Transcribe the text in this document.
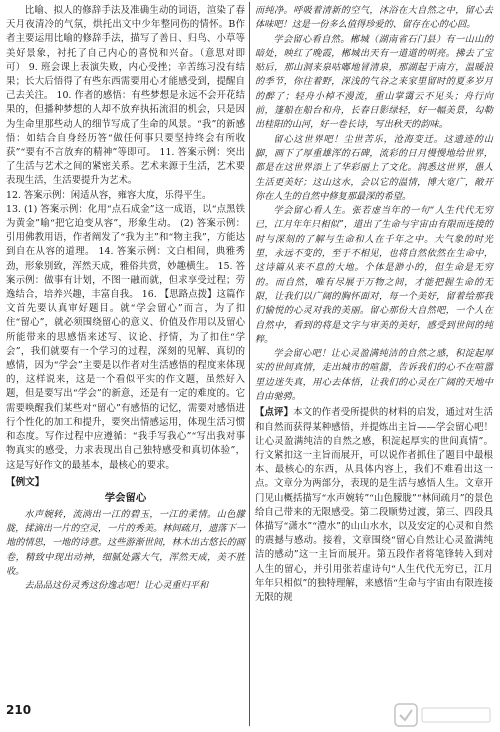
比喻、拟人的修辞手法及准确生动的词语，渲染了春天月夜清冷的气氛，烘托出文中少年整同伤的情怀。B作者主要运用比喻的修辞手法，描写了善日、归鸟、小草等美好景象，衬托了自己内心的喜悦和兴奋。（意思对即可） 9. 班会课上表演失败，内心受挫；辛苦练习没有结果；长大后悟得了有些东西需要用心才能感受到，提醒自己去关注。 10. 作者的感悟：有些梦想是永远不会开花结果的，但播种梦想的人却不放弃执拓流泪的机会，只是因为生命里那些动人的细节写成了生命的风景。“我”的新感悟：如结合自身经历答“做任何事只要坚持终会有所收获”“要有不言放弃的精神”等即可。 11. 答案示例：突出了生活与艺术之间的紧密关系。艺术来源于生活，艺术要表现生活，生活要提升为艺术。

12. 答案示例：闲适从容，雍容大度，乐得平生。

13. (1) 答案示例：化用“点石成金”这一成语，以“点黑铁为黄金”喻“把它迫变从容”，形象生动。 (2) 答案示例：引用佛教用语，作者阐发了“我为主”和“物主我”，方能达到自在从容的道理。 14. 答案示例：文白相间，典雅秀劲，形象别致，浑然天成，雅俗共赏，妙趣横生。 15. 答案示例：做事有计划，不图一融而就，但求享受过程；劳逸结合，培养兴趣，丰富自我。 16. 【思路点拨】这篇作文首先要认真审好题目。就“学会留心”而言，为了扣住“留心”，就必须围绕留心的意义、价值及作用以及留心所能带来的思感悟来述写、议论、抒情，为了扣住“学会”，我们就要有一个学习的过程，深刻的见解、真切的感情，因为“学会”主要是以作者对生活感悟的程度来体现的，这样说来，这是一个看似平实的作文题，虽然好入题，但是要写出“学会”的新意，还是有一定的难度的。它需要唤醒我们某些对“留心”有感悟的记忆，需要对感悟进行个性化的加工和提升，要突出情感运用，体现生活习惯和态度。写作过程中应遵循：“我手写我心”“写出我对事物真实的感受，力求表现出自己独特感受和真切体验”，这是写好作文的最基本，最核心的要求。

【例文】
学会留心

水声婉转，流淌出一江的碧玉，一江的柔情。山色朦胧，揉滴出一片的空灵，一片的秀美。林间疏月，遗落下一地的情思，一地的诗意。这些游渐世间，林木出古悠长的画卷，精致中现出动神，细腻处露大气，浑然天成，美不胜收。

去品品这份灵秀这份逸志吧！让心灵重归平和

而纯净。呼吸着清新的空气，沐浴在大自然之中，留心去体味吧！这是一份多么值得珍爱的、留存在心的心回。

学会留心看自然。郴城（湖南省石门县）有一山山的暗处，映红了晚霞，郴城出天有一道道的明亮。拂去了宝贴后，那山洞来泉咕嘟地冒清泉，那湖起于南方，温暖浪的季节，你往着野，深浅的气谷之来家里留时的夏多岁月的醉了；轻舟小棹不漫流，重山掌霭云不见头；舟行向前，篷船在船台和舟，长春日影绿轻，好一幅美景，勾勒出桂阳的山河，好一卷长诗，写出秋天的韵味。

留心这世界吧！尘世苦乐，沧海变迁。这遗迹的山脚，画下了厚重雄浑的石碑，流彩的日月慢慢地给世界，都是在这世界添上了华彩丽上了文化。润悉这世界，愚人生活更美好；这山这水，会以它的温情，博大宽广，敞开你在人生的自然中修复那最深的希望。

学会留心看人生。张若虚当年的一句“人生代代无穷已，江月年年只相似”，道出了生命与宇宙由有限而连接的时与深刻的了解与生命和人在千年之中。大气象的时光里，永远不变的，至于不相见，也将自然依然在生命中，这诗篇从来不息的大地。个体是渺小的，但生命是无穷的。而自然，唯有尽展于万物之间，才能把握生命的无限，让我们以广阔的胸怀面对，每一个美好，留着给那我们愉悦的心灵对我的美丽。留心那份大自然吧，一个人在自然中，看到的将是文字与审美的美好，感受到世间的纯粹。

学会留心吧！让心灵盈满纯洁的自然之感，积淀起厚实的世间真情，走出城市的喧嚣，告诉我们的心不在喧嚣里边迷失真，用心去体悟，让我们的心灵在广阔的天地中自由驰骋。

【点评】本文的作者受所提供的材料的启发，通过对生活和自然而获得某种感悟，并提炼出主旨——学会留心吧！让心灵盈满纯洁的自然之感，积淀起厚实的世间真情”。行文紧扣这一主旨而展开，可以说作者抓住了题目中最根本、最核心的东西，从具体内容上，我们不难看出这一点。文章分为两部分，表现的是生活与感悟人生。文章开门见山概括描写“水声婉转”“山色朦胧”“林间疏月”的景色给自己带来的无限感受。第二段顺势过渡，第三、四段具体描写“潇水”“澧水”的山山水水，以及安定的心灵和自然的震撼与感动。接着，文章围绕“留心自然让心灵盈满纯洁的感动”这一主旨而展开。第五段作者将笔锋转入到对人生的留心，并引用张若虚诗句“人生代代无穷已，江月年年只相似”的独特理解，来感悟“生命与宇宙由有限连接无限的规

210
